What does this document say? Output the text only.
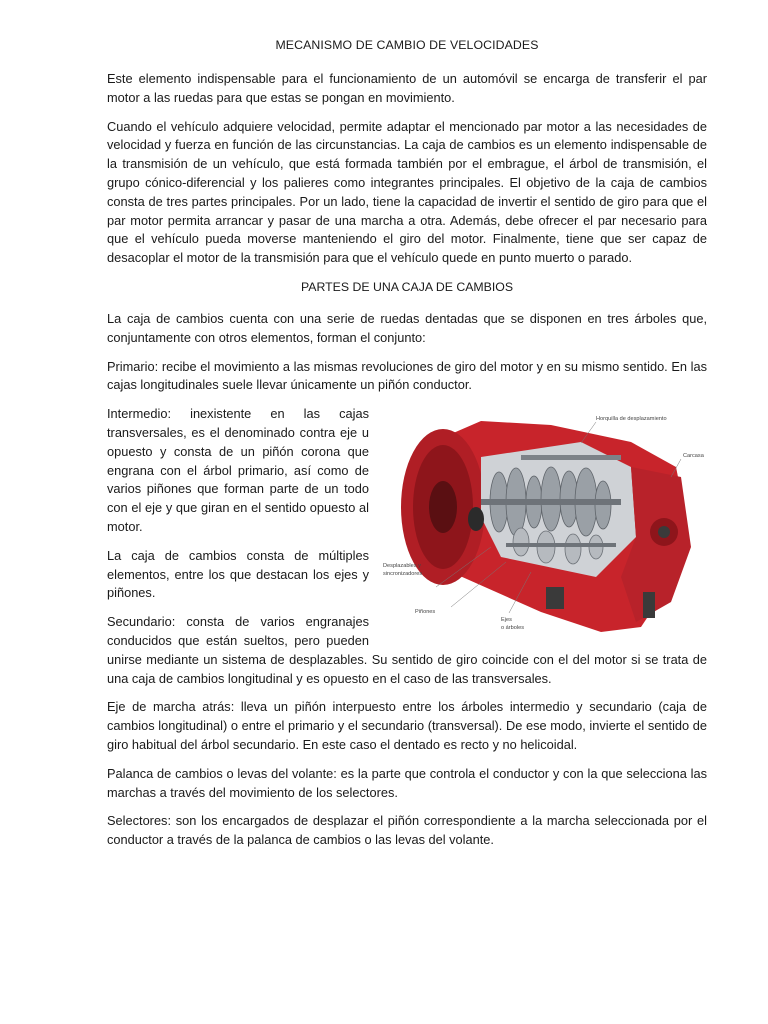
MECANISMO DE CAMBIO DE VELOCIDADES

Este elemento indispensable para el funcionamiento de un automóvil se encarga de transferir el par motor a las ruedas para que estas se pongan en movimiento.

Cuando el vehículo adquiere velocidad, permite adaptar el mencionado par motor a las necesidades de velocidad y fuerza en función de las circunstancias. La caja de cambios es un elemento indispensable de la transmisión de un vehículo, que está formada también por el embrague, el árbol de transmisión, el grupo cónico-diferencial y los palieres como integrantes principales. El objetivo de la caja de cambios consta de tres partes principales. Por un lado, tiene la capacidad de invertir el sentido de giro para que el par motor permita arrancar y pasar de una marcha a otra. Además, debe ofrecer el par necesario para que el vehículo pueda moverse manteniendo el giro del motor. Finalmente, tiene que ser capaz de desacoplar el motor de la transmisión para que el vehículo quede en punto muerto o parado.

PARTES DE UNA CAJA DE CAMBIOS

La caja de cambios cuenta con una serie de ruedas dentadas que se disponen en tres árboles que, conjuntamente con otros elementos, forman el conjunto:

Primario: recibe el movimiento a las mismas revoluciones de giro del motor y en su mismo sentido. En las cajas longitudinales suele llevar únicamente un piñón conductor.

Horquilla de desplazamiento
Carcasa
Desplazables y
sincronizadores
Piñones
Ejes
o árboles

Intermedio: inexistente en las cajas transversales, es el denominado contra eje u opuesto y consta de un piñón corona que engrana con el árbol primario, así como de varios piñones que forman parte de un todo con el eje y que giran en el sentido opuesto al motor.

La caja de cambios consta de múltiples elementos, entre los que destacan los ejes y piñones.

Secundario: consta de varios engranajes conducidos que están sueltos, pero pueden unirse mediante un sistema de desplazables. Su sentido de giro coincide con el del motor si se trata de una caja de cambios longitudinal y es opuesto en el caso de las transversales.

Eje de marcha atrás: lleva un piñón interpuesto entre los árboles intermedio y secundario (caja de cambios longitudinal) o entre el primario y el secundario (transversal). De ese modo, invierte el sentido de giro habitual del árbol secundario. En este caso el dentado es recto y no helicoidal.

Palanca de cambios o levas del volante: es la parte que controla el conductor y con la que selecciona las marchas a través del movimiento de los selectores.

Selectores: son los encargados de desplazar el piñón correspondiente a la marcha seleccionada por el conductor a través de la palanca de cambios o las levas del volante.
